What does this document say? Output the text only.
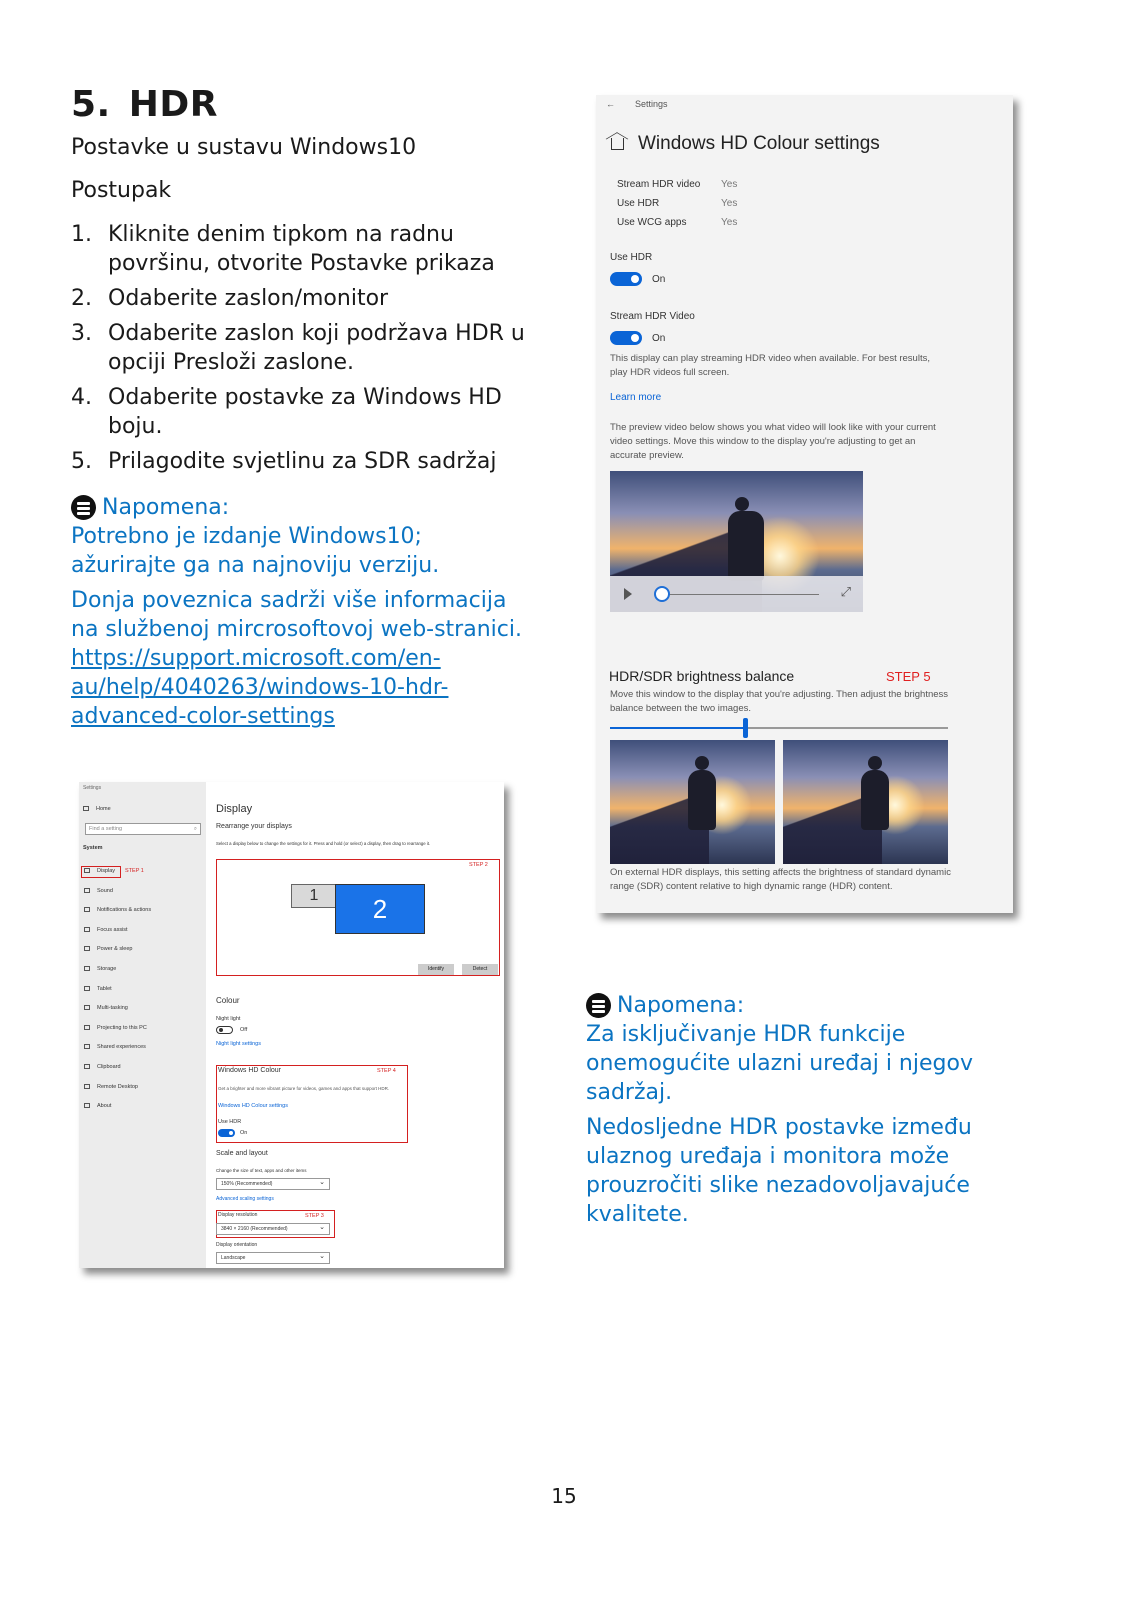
5. HDR
Postavke u sustavu Windows10
Postupak
1. Kliknite denim tipkom na radnu površinu, otvorite Postavke prikaza
2. Odaberite zaslon/monitor
3. Odaberite zaslon koji podržava HDR u opciji Presloži zaslone.
4. Odaberite postavke za Windows HD boju.
5. Prilagodite svjetlinu za SDR sadržaj
Napomena:

Potrebno je izdanje Windows10; ažurirajte ga na najnoviju verziju.

Donja poveznica sadrži više informacija na službenoj mircrosoftovoj web-stranici.

https://support.microsoft.com/en-au/help/4040263/windows-10-hdr-advanced-color-settings

← Settings
Windows HD Colour settings
Stream HDR video Yes
Use HDR	Yes
Use WCG apps	Yes
Use HDR
On
Stream HDR Video
On
This display can play streaming HDR video when available. For best results, play HDR videos full screen.
Learn more
The preview video below shows you what video will look like with your current video settings. Move this window to the display you're adjusting to get an accurate preview.
⤢
HDR/SDR brightness balance	STEP 5
Move this window to the display that you're adjusting. Then adjust the brightness balance between the two images.
On external HDR displays, this setting affects the brightness of standard dynamic range (SDR) content relative to high dynamic range (HDR) content.
Settings
Home
Find a setting	⌕
System
STEP 1
Display
Sound
Notifications & actions
Focus assist
Power & sleep
Storage
Tablet
Multi-tasking
Projecting to this PC
Shared experiences
Clipboard
Remote Desktop
About
Display
Rearrange your displays
Select a display below to change the settings for it. Press and hold (or select) a display, then drag to rearrange it.
STEP 2
1	2
Identify	Detect
Colour
Night light
Off
Night light settings
Windows HD Colour	STEP 4
Get a brighter and more vibrant picture for videos, games and apps that support HDR.
Windows HD Colour settings
Use HDR
On
Scale and layout
Change the size of text, apps and other items
150% (Recommended) ⌄
Advanced scaling settings
Display resolution	STEP 3
3840 × 2160 (Recommended) ⌄
Display orientation
Landscape ⌄
Napomena:

Za isključivanje HDR funkcije onemogućite ulazni uređaj i njegov sadržaj.

Nedosljedne HDR postavke između ulaznog uređaja i monitora može prouzročiti slike nezadovoljavajuće kvalitete.

15
